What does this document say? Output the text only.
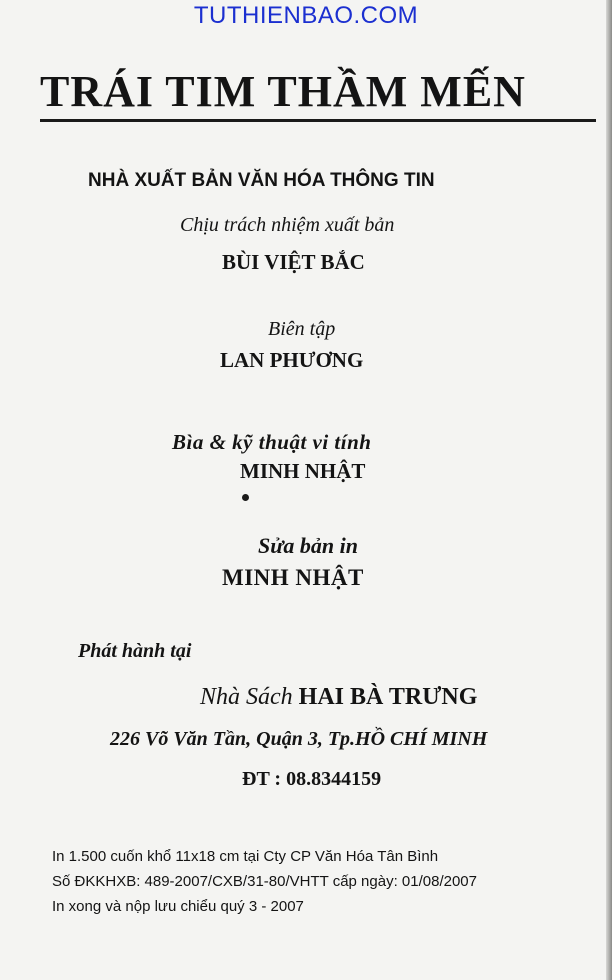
TUTHIENBAO.COM
TRÁI TIM THẦM MẾN
NHÀ XUẤT BẢN VĂN HÓA THÔNG TIN
Chịu trách nhiệm xuất bản
BÙI VIỆT BẮC
Biên tập
LAN PHƯƠNG
Bìa & kỹ thuật vi tính
MINH NHẬT
Sửa bản in
MINH NHẬT
Phát hành tại
Nhà Sách HAI BÀ TRƯNG
226 Võ Văn Tần, Quận 3, Tp.HỒ CHÍ MINH
ĐT : 08.8344159
In 1.500 cuốn khổ 11x18 cm tại Cty CP Văn Hóa Tân Bình
Số ĐKKHXB: 489-2007/CXB/31-80/VHTT cấp ngày: 01/08/2007
In xong và nộp lưu chiểu quý 3 - 2007
